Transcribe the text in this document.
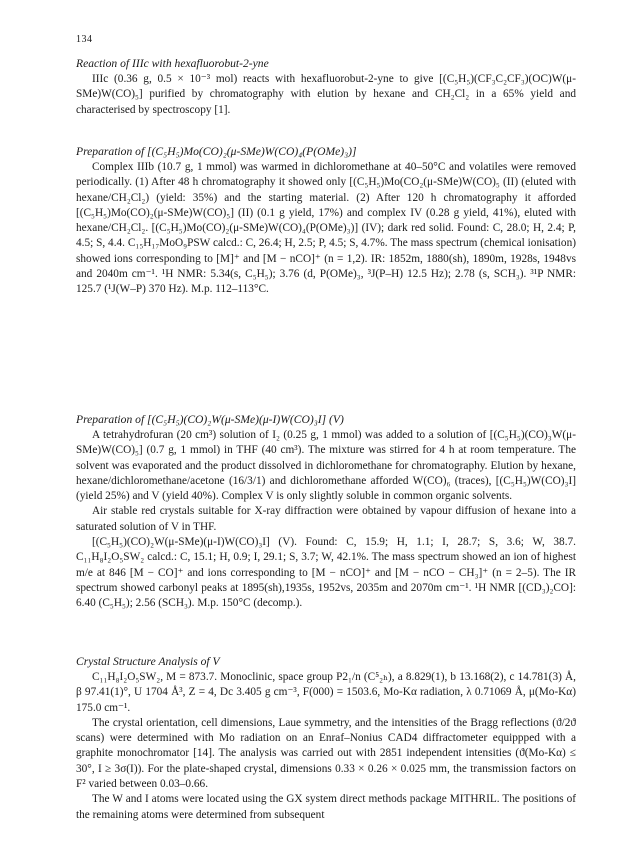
134
Reaction of IIIc with hexafluorobut-2-yne

IIIc (0.36 g, 0.5 × 10⁻³ mol) reacts with hexafluorobut-2-yne to give [(C₅H₅)(CF₃C₂CF₃)(OC)W(μ-SMe)W(CO)₅] purified by chromatography with elution by hexane and CH₂Cl₂ in a 65% yield and characterised by spectroscopy [1].

Preparation of [(C₅H₅)Mo(CO)₂(μ-SMe)W(CO)₄(P(OMe)₃)]

Complex IIIb (10.7 g, 1 mmol) was warmed in dichloromethane at 40–50°C and volatiles were removed periodically. (1) After 48 h chromatography it showed only [(C₅H₅)Mo(CO₂(μ-SMe)W(CO)₅ (II) (eluted with hexane/CH₂Cl₂) (yield: 35%) and the starting material. (2) After 120 h chromatography it afforded [(C₅H₅)Mo(CO)₂(μ-SMe)W(CO)₅] (II) (0.1 g yield, 17%) and complex IV (0.28 g yield, 41%), eluted with hexane/CH₂Cl₂. [(C₅H₅)Mo(CO)₂(μ-SMe)W(CO)₄(P(OMe)₃)] (IV); dark red solid. Found: C, 28.0; H, 2.4; P, 4.5; S, 4.4. C₁₅H₁₇MoO₉PSW calcd.: C, 26.4; H, 2.5; P, 4.5; S, 4.7%. The mass spectrum (chemical ionisation) showed ions corresponding to [M]⁺ and [M − nCO]⁺ (n = 1,2). IR: 1852m, 1880(sh), 1890m, 1928s, 1948vs and 2040m cm⁻¹. ¹H NMR: 5.34(s, C₅H₅); 3.76 (d, P(OMe)₃, ³J(P–H) 12.5 Hz); 2.78 (s, SCH₃). ³¹P NMR: 125.7 (¹J(W–P) 370 Hz). M.p. 112–113°C.

Preparation of [(C₅H₅)(CO)₂W(μ-SMe)(μ-I)W(CO)₃I] (V)

A tetrahydrofuran (20 cm³) solution of I₂ (0.25 g, 1 mmol) was added to a solution of [(C₅H₅)(CO)₃W(μ-SMe)W(CO)₅] (0.7 g, 1 mmol) in THF (40 cm³). The mixture was stirred for 4 h at room temperature. The solvent was evaporated and the product dissolved in dichloromethane for chromatography. Elution by hexane, hexane/dichloromethane/acetone (16/3/1) and dichloromethane afforded W(CO)₆ (traces), [(C₅H₅)W(CO)₃I] (yield 25%) and V (yield 40%). Complex V is only slightly soluble in common organic solvents.

Air stable red crystals suitable for X-ray diffraction were obtained by vapour diffusion of hexane into a saturated solution of V in THF.

[(C₅H₅)(CO)₂W(μ-SMe)(μ-I)W(CO)₃I] (V). Found: C, 15.9; H, 1.1; I, 28.7; S, 3.6; W, 38.7. C₁₁H₈I₂O₅SW₂ calcd.: C, 15.1; H, 0.9; I, 29.1; S, 3.7; W, 42.1%. The mass spectrum showed an ion of highest m/e at 846 [M − CO]⁺ and ions corresponding to [M − nCO]⁺ and [M − nCO − CH₃]⁺ (n = 2–5). The IR spectrum showed carbonyl peaks at 1895(sh),1935s, 1952vs, 2035m and 2070m cm⁻¹. ¹H NMR [(CD₃)₂CO]: 6.40 (C₅H₅); 2.56 (SCH₃). M.p. 150°C (decomp.).

Crystal Structure Analysis of V

C₁₁H₈I₂O₅SW₂, M = 873.7. Monoclinic, space group P2₁/n (C⁵₂ₕ), a 8.829(1), b 13.168(2), c 14.781(3) Å, β 97.41(1)°, U 1704 Å³, Z = 4, Dc 3.405 g cm⁻³, F(000) = 1503.6, Mo-Kα radiation, λ 0.71069 Å, μ(Mo-Kα) 175.0 cm⁻¹.

The crystal orientation, cell dimensions, Laue symmetry, and the intensities of the Bragg reflections (ϑ/2ϑ scans) were determined with Mo radiation on an Enraf–Nonius CAD4 diffractometer equippped with a graphite monochromator [14]. The analysis was carried out with 2851 independent intensities (ϑ(Mo-Kα) ≤ 30°, I ≥ 3σ(I)). For the plate-shaped crystal, dimensions 0.33 × 0.26 × 0.025 mm, the transmission factors on F² varied between 0.03–0.66.

The W and I atoms were located using the GX system direct methods package MITHRIL. The positions of the remaining atoms were determined from subsequent
